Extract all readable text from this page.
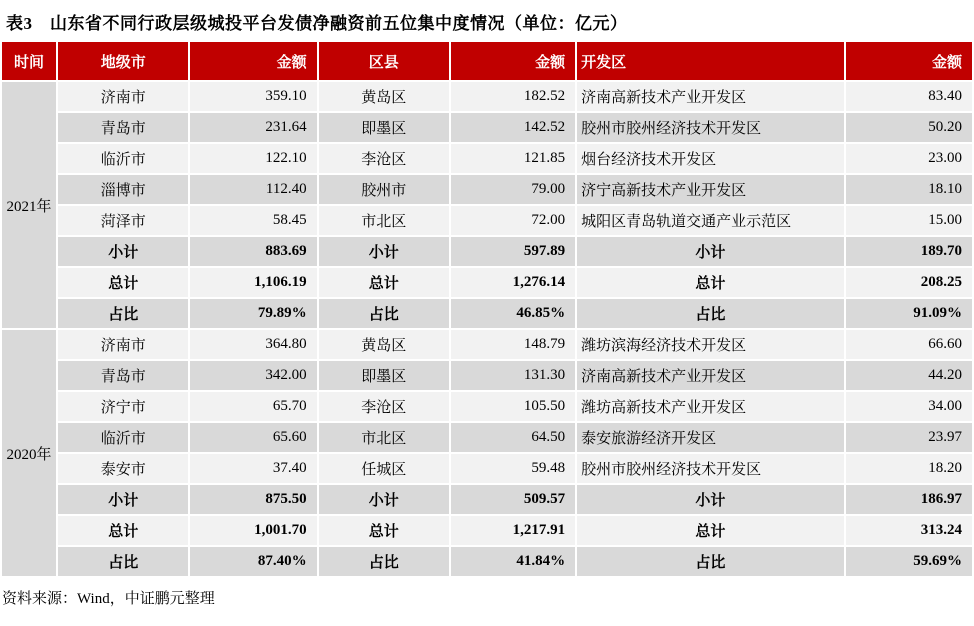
表3　山东省不同行政层级城投平台发债净融资前五位集中度情况（单位：亿元）
时间	地级市	金额	区县	金额	开发区	金额
2021年	济南市	359.10	黄岛区	182.52	济南高新技术产业开发区	83.40
	青岛市	231.64	即墨区	142.52	胶州市胶州经济技术开发区	50.20
	临沂市	122.10	李沧区	121.85	烟台经济技术开发区	23.00
	淄博市	112.40	胶州市	79.00	济宁高新技术产业开发区	18.10
	菏泽市	58.45	市北区	72.00	城阳区青岛轨道交通产业示范区	15.00
	小计	883.69	小计	597.89	小计	189.70
	总计	1,106.19	总计	1,276.14	总计	208.25
	占比	79.89%	占比	46.85%	占比	91.09%
2020年	济南市	364.80	黄岛区	148.79	潍坊滨海经济技术开发区	66.60
	青岛市	342.00	即墨区	131.30	济南高新技术产业开发区	44.20
	济宁市	65.70	李沧区	105.50	潍坊高新技术产业开发区	34.00
	临沂市	65.60	市北区	64.50	泰安旅游经济开发区	23.97
	泰安市	37.40	任城区	59.48	胶州市胶州经济技术开发区	18.20
	小计	875.50	小计	509.57	小计	186.97
	总计	1,001.70	总计	1,217.91	总计	313.24
	占比	87.40%	占比	41.84%	占比	59.69%

资料来源：Wind，中证鹏元整理
